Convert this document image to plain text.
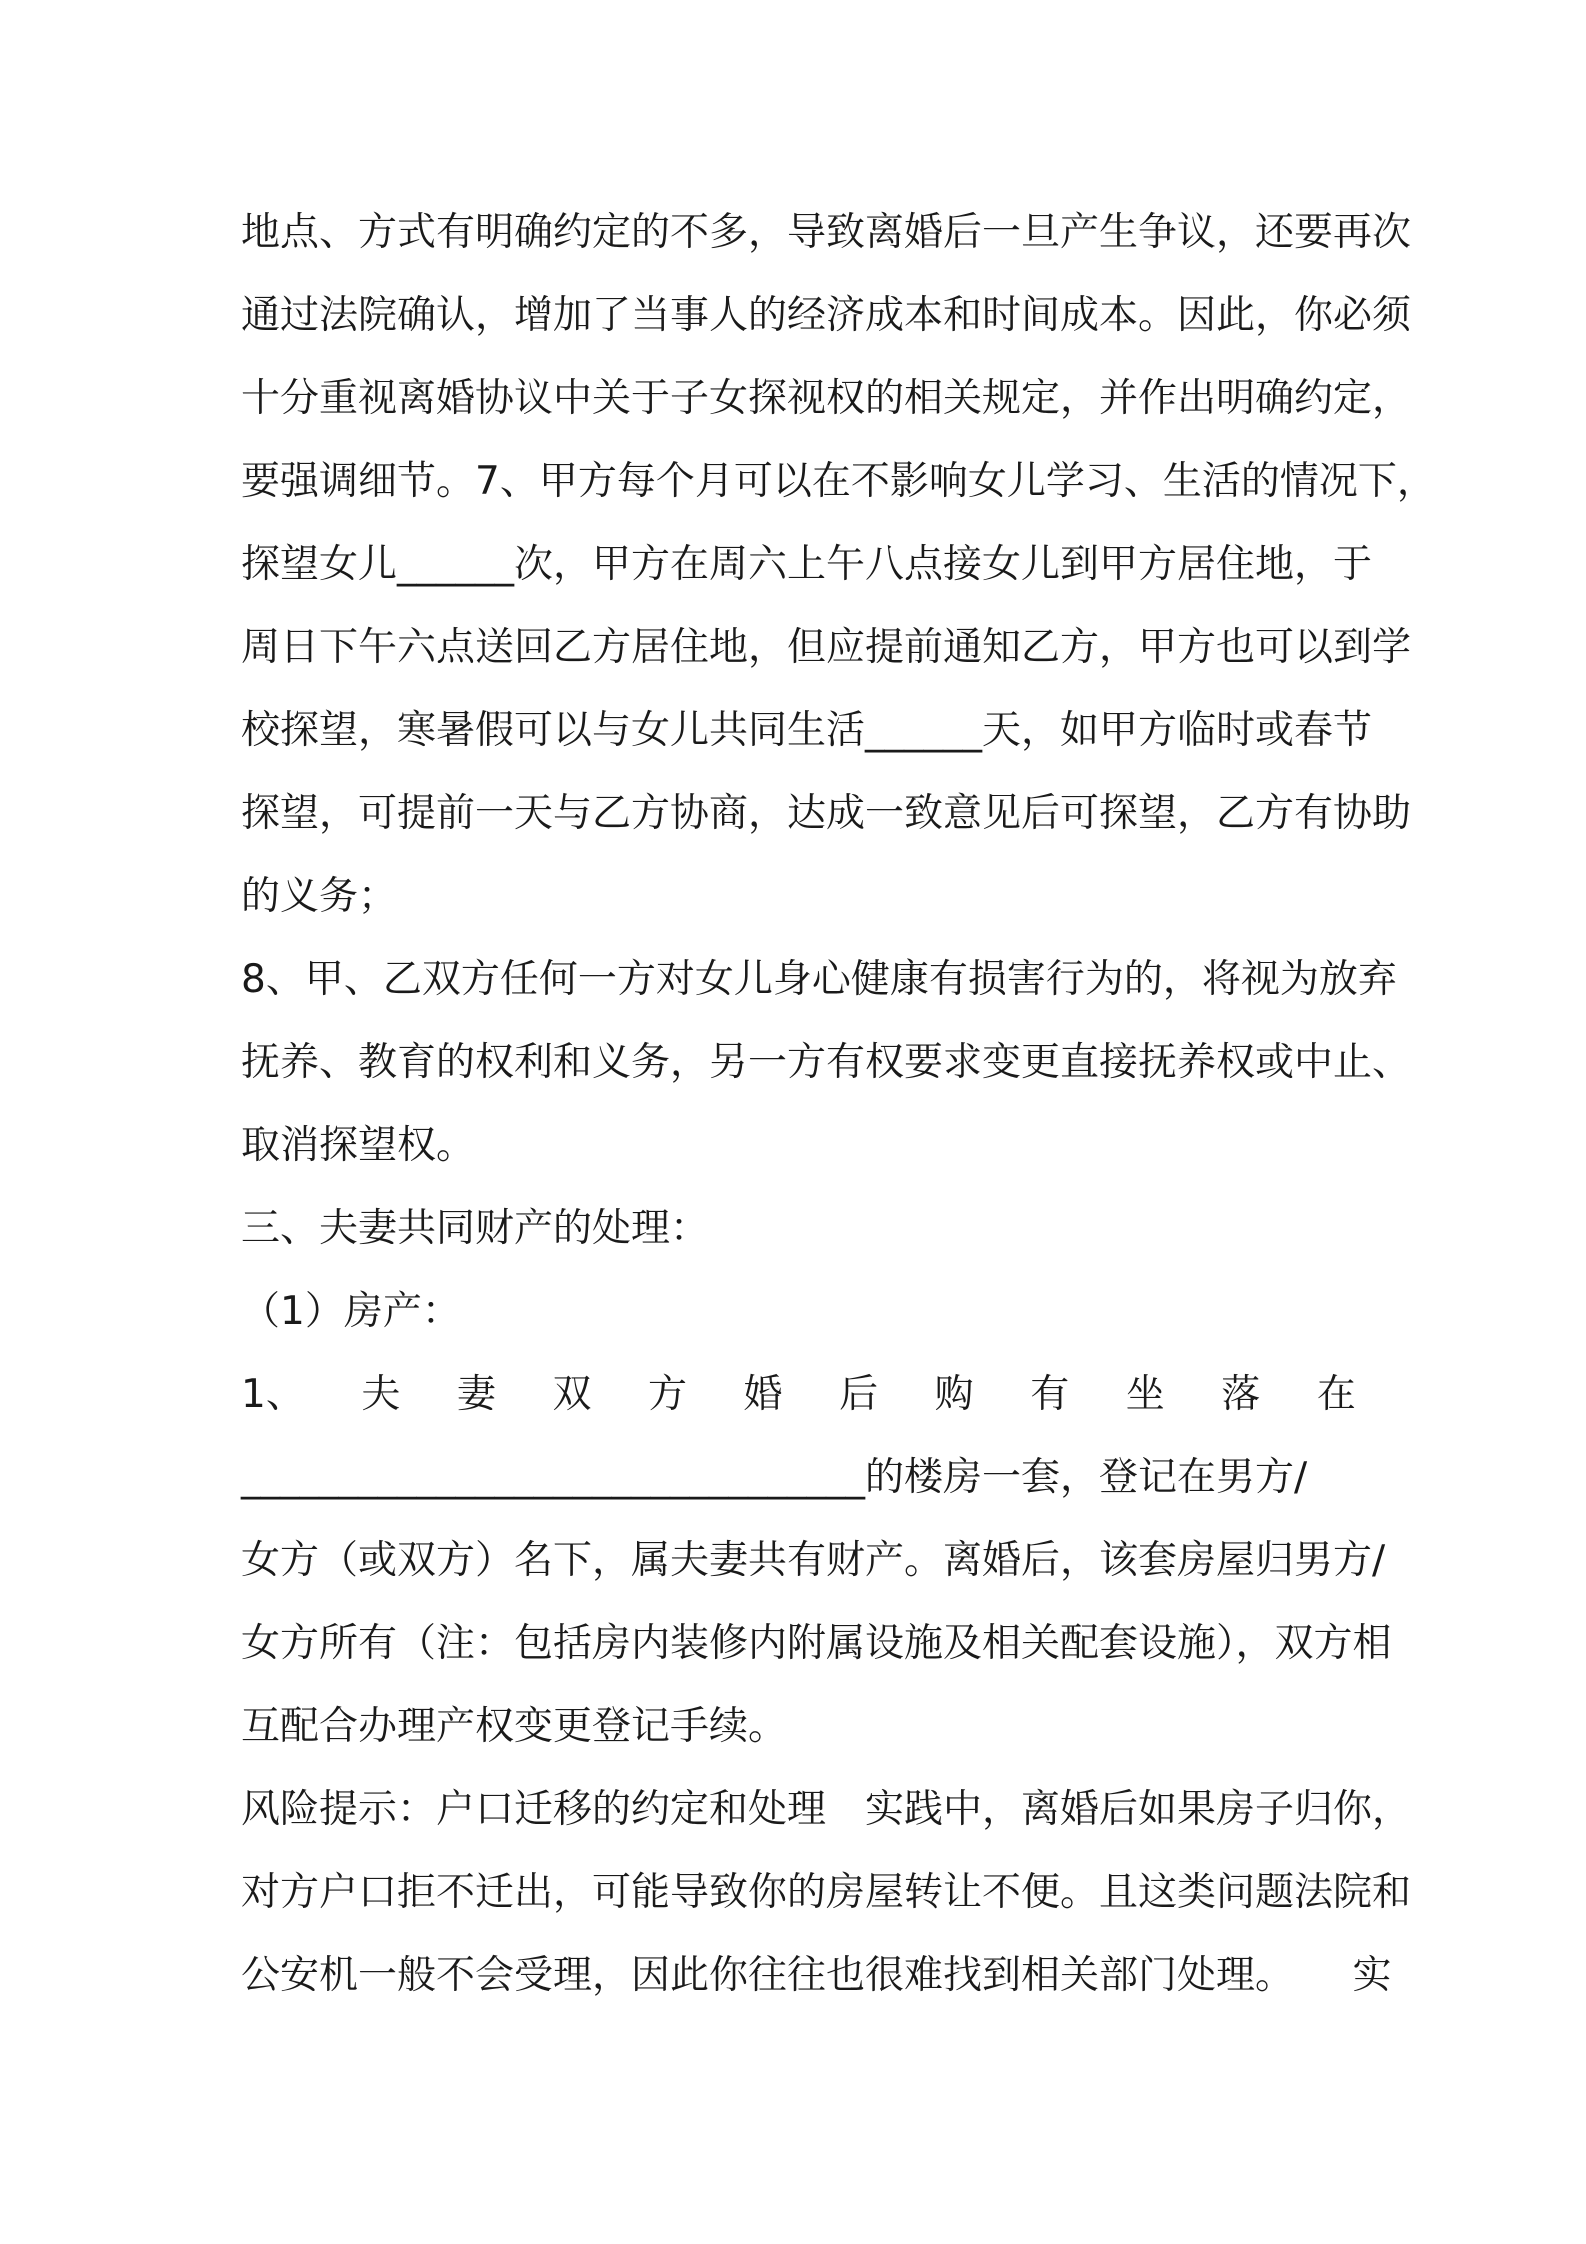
地点、方式有明确约定的不多，导致离婚后一旦产生争议，还要再次
通过法院确认，增加了当事人的经济成本和时间成本。因此，你必须
十分重视离婚协议中关于子女探视权的相关规定，并作出明确约定，
要强调细节。7、甲方每个月可以在不影响女儿学习、生活的情况下，
探望女儿______次，甲方在周六上午八点接女儿到甲方居住地，于
周日下午六点送回乙方居住地，但应提前通知乙方，甲方也可以到学
校探望，寒暑假可以与女儿共同生活______天，如甲方临时或春节
探望，可提前一天与乙方协商，达成一致意见后可探望，乙方有协助
的义务；
8、甲、乙双方任何一方对女儿身心健康有损害行为的，将视为放弃
抚养、教育的权利和义务，另一方有权要求变更直接抚养权或中止、
取消探望权。
三、夫妻共同财产的处理：
（1）房产：
1、 夫 妻 双 方 婚 后 购 有 坐 落 在
________________________________的楼房一套，登记在男方/
女方（或双方）名下，属夫妻共有财产。离婚后，该套房屋归男方/
女方所有（注：包括房内装修内附属设施及相关配套设施），双方相
互配合办理产权变更登记手续。
风险提示：户口迁移的约定和处理　实践中，离婚后如果房子归你，
对方户口拒不迁出，可能导致你的房屋转让不便。且这类问题法院和
公安机一般不会受理，因此你往往也很难找到相关部门处理。　　实
